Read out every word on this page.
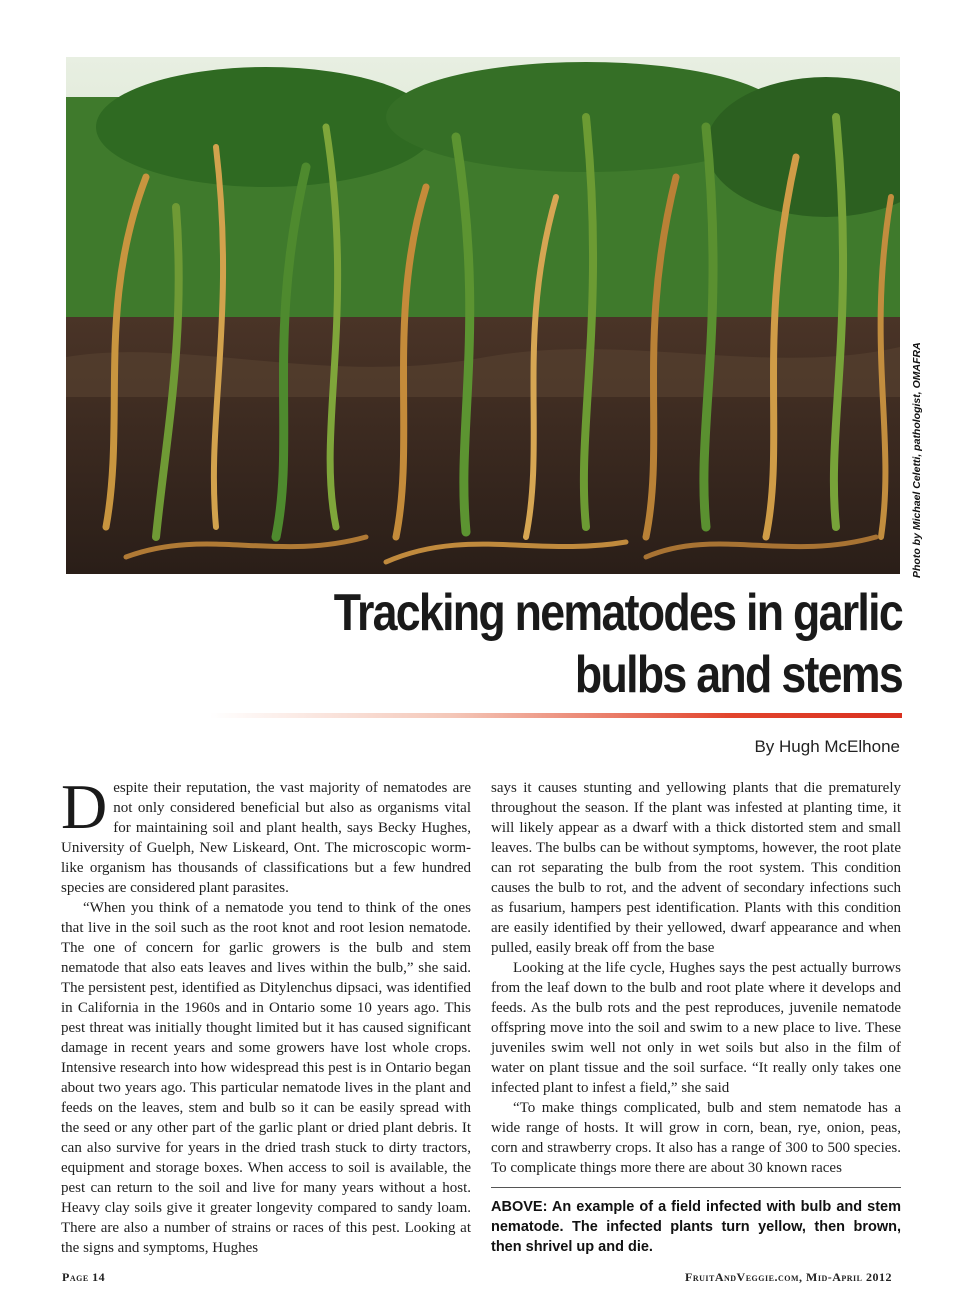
Photo by Michael Celetti, pathologist, OMAFRA
Tracking nematodes in garlic
bulbs and stems
By Hugh McElhone

Despite their reputation, the vast majority of nematodes are not only considered beneficial but also as organisms vital for maintaining soil and plant health, says Becky Hughes, University of Guelph, New Liskeard, Ont. The microscopic worm-like organism has thousands of classifications but a few hundred species are considered plant parasites.

“When you think of a nematode you tend to think of the ones that live in the soil such as the root knot and root lesion nematode. The one of concern for garlic growers is the bulb and stem nematode that also eats leaves and lives within the bulb,” she said. The persistent pest, identified as Ditylenchus dipsaci, was identified in California in the 1960s and in Ontario some 10 years ago. This pest threat was initially thought limited but it has caused significant damage in recent years and some growers have lost whole crops. Intensive research into how widespread this pest is in Ontario began about two years ago. This particular nematode lives in the plant and feeds on the leaves, stem and bulb so it can be easily spread with the seed or any other part of the garlic plant or dried plant debris. It can also survive for years in the dried trash stuck to dirty tractors, equipment and storage boxes. When access to soil is available, the pest can return to the soil and live for many years without a host. Heavy clay soils give it greater longevity compared to sandy loam. There are also a number of strains or races of this pest. Looking at the signs and symptoms, Hughes

says it causes stunting and yellowing plants that die prematurely throughout the season. If the plant was infested at planting time, it will likely appear as a dwarf with a thick distorted stem and small leaves. The bulbs can be without symptoms, however, the root plate can rot separating the bulb from the root system. This condition causes the bulb to rot, and the advent of secondary infections such as fusarium, hampers pest identification. Plants with this condition are easily identified by their yellowed, dwarf appearance and when pulled, easily break off from the base

Looking at the life cycle, Hughes says the pest actually burrows from the leaf down to the bulb and root plate where it develops and feeds. As the bulb rots and the pest reproduces, juvenile nematode offspring move into the soil and swim to a new place to live. These juveniles swim well not only in wet soils but also in the film of water on plant tissue and the soil surface. “It really only takes one infected plant to infest a field,” she said

“To make things complicated, bulb and stem nematode has a wide range of hosts. It will grow in corn, bean, rye, onion, peas, corn and strawberry crops. It also has a range of 300 to 500 species. To complicate things more there are about 30 known races

ABOVE: An example of a field infected with bulb and stem nematode. The infected plants turn yellow, then brown, then shrivel up and die.

Page 14	FruitAndVeggie.com, Mid-April 2012
